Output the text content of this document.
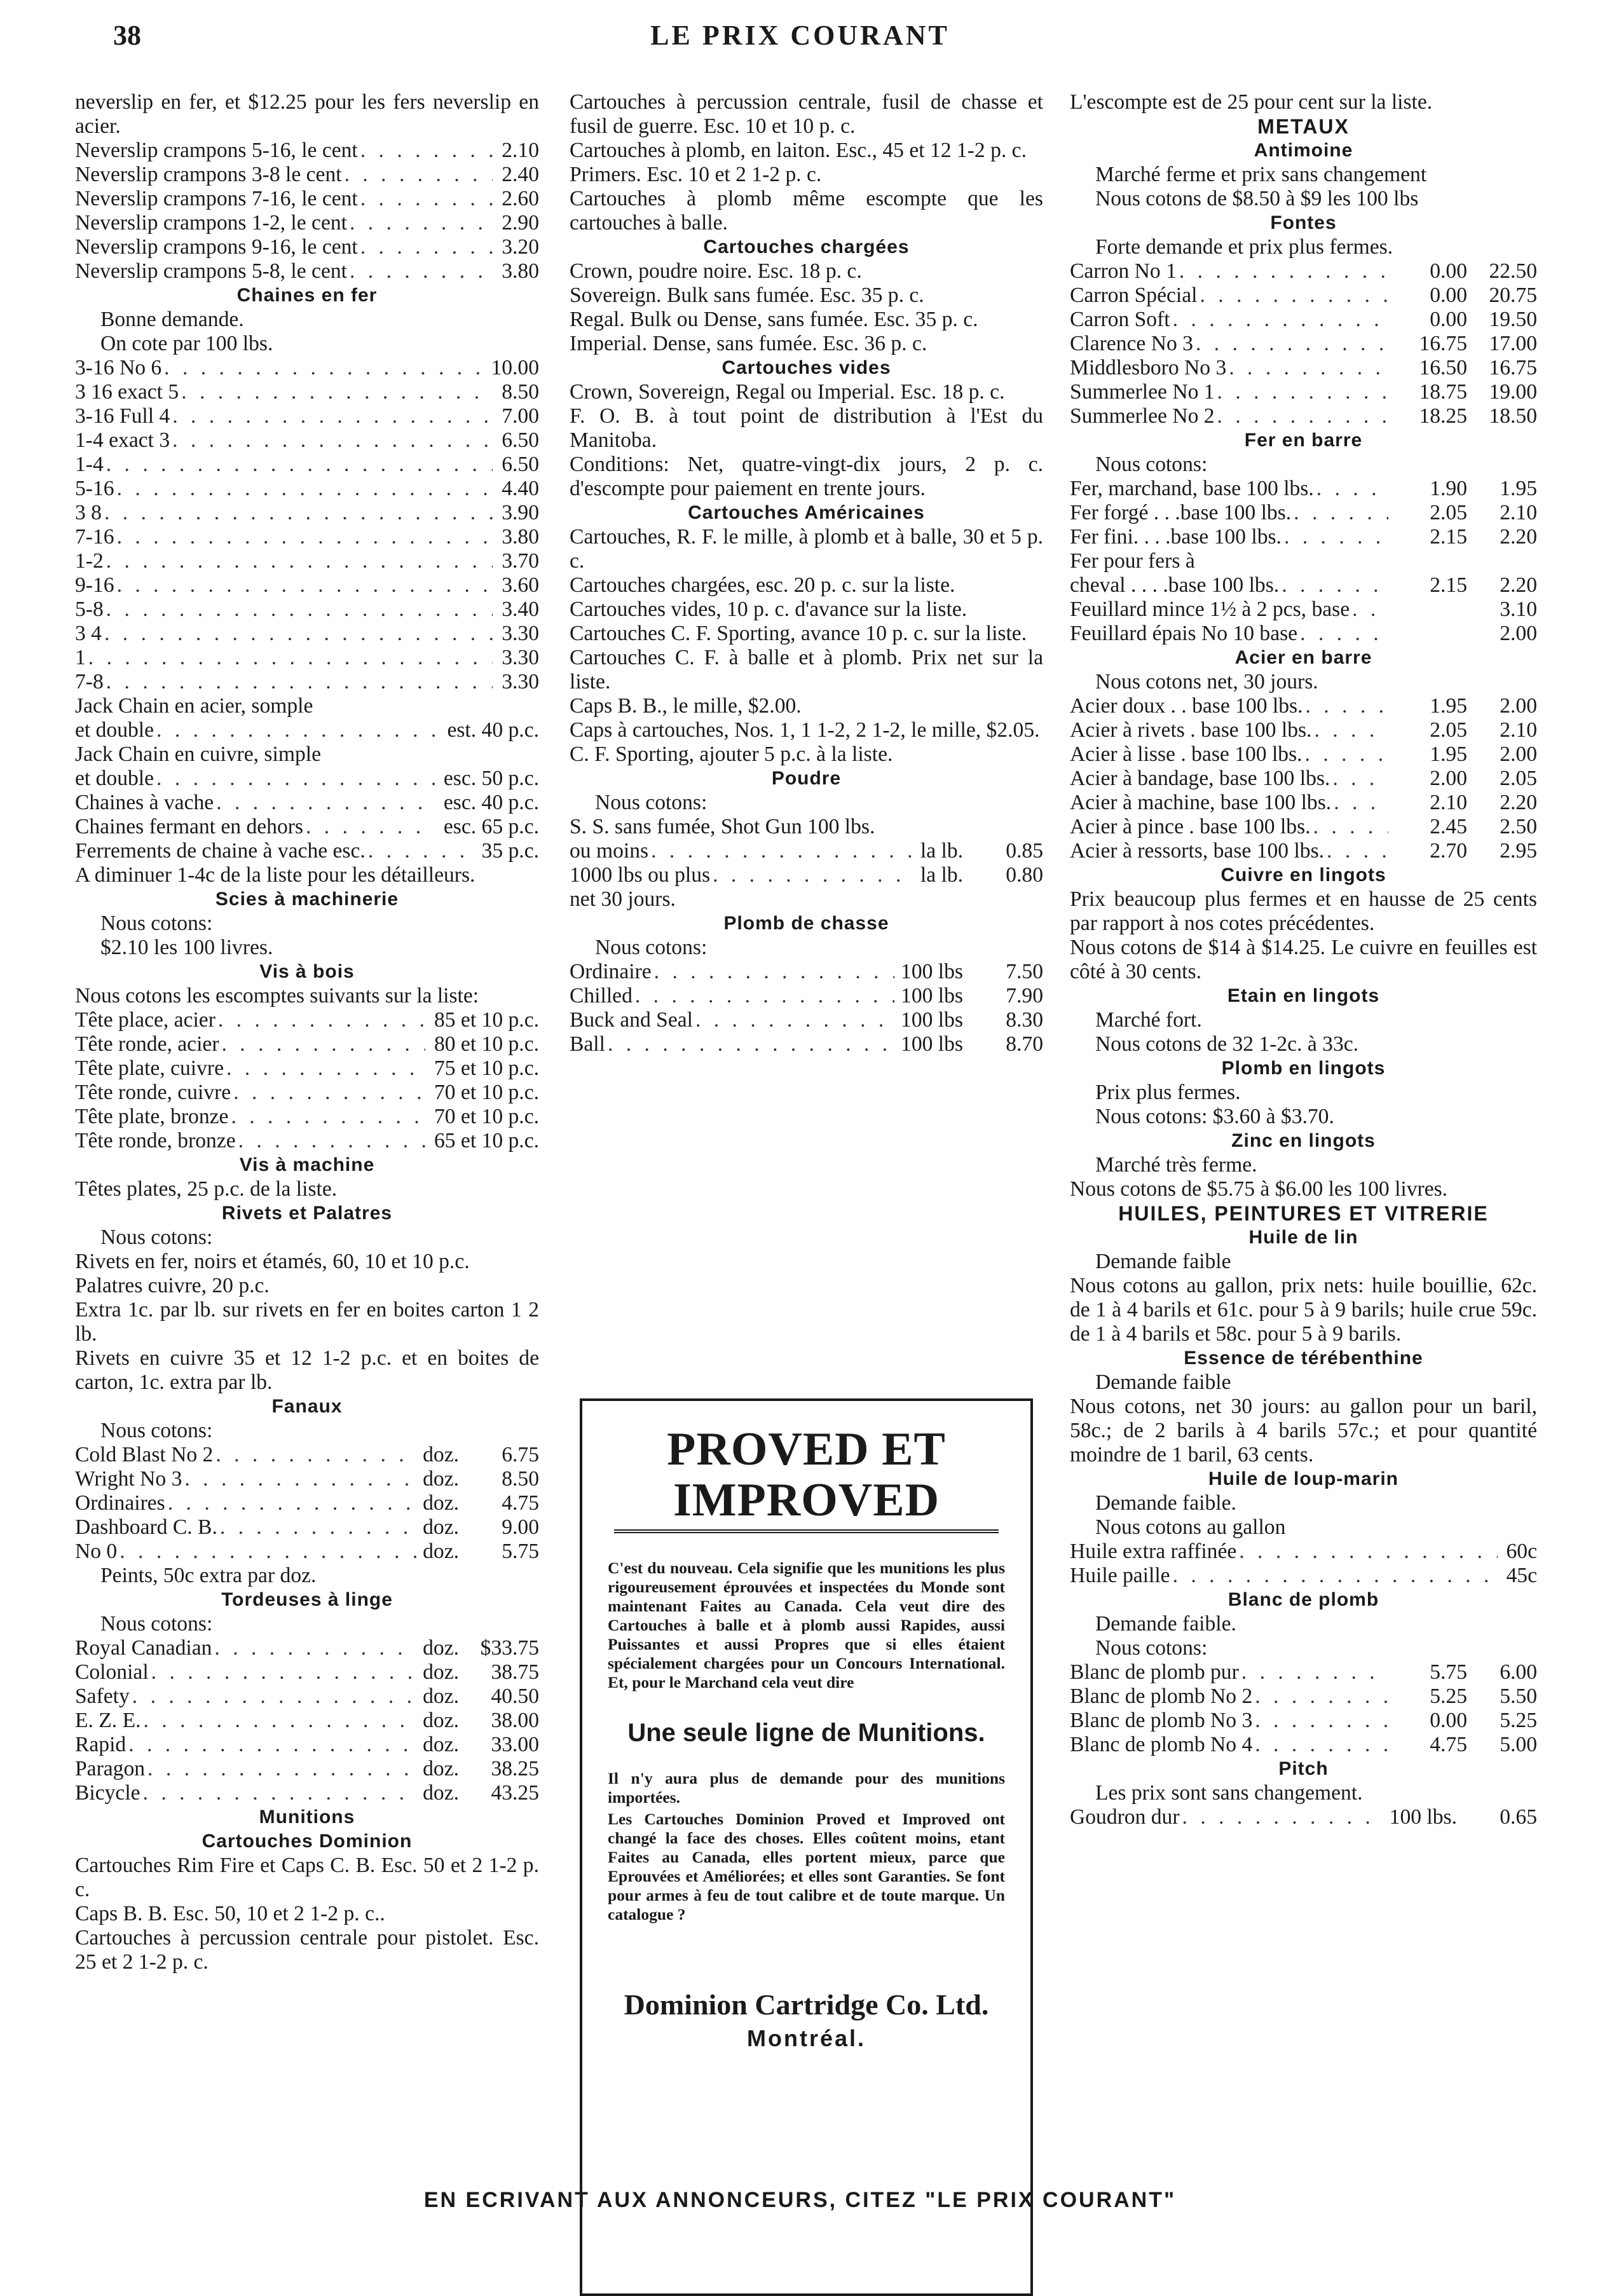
38	LE PRIX COURANT
neverslip en fer, et $12.25 pour les fers neverslip en acier.
Neverslip crampons 5-16, le cent . . .	2.10
Neverslip crampons 3-8 le cent . . .	2.40
Neverslip crampons 7-16, le cent . . .	2.60
Neverslip crampons 1-2, le cent . . .	2.90
Neverslip crampons 9-16, le cent . . .	3.20
Neverslip crampons 5-8, le cent . . .	3.80
Chaines en fer
Bonne demande.
On cote par 100 lbs.
3-16 No 6 . . .	10.00
3 16 exact 5 . . .	8.50
3-16 Full 4 . . .	7.00
1-4 exact 3 . . .	6.50
1-4 . . .	6.50
5-16 . . .	4.40
3 8 . . .	3.90
7-16 . . .	3.80
1-2 . . .	3.70
9-16 . . .	3.60
5-8 . . .	3.40
3 4 . . .	3.30
1 . . .	3.30
7-8 . . .	3.30
Jack Chain en acier, somple
et double . . .	est. 40 p.c.
Jack Chain en cuivre, simple
et double . . .	esc. 50 p.c.
Chaines à vache . . .	esc. 40 p.c.
Chaines fermant en dehors . . .	esc. 65 p.c.
Ferrements de chaine à vache esc. . . .	35 p.c.
A diminuer 1-4c de la liste pour les détailleurs.
Scies à machinerie
Nous cotons:
$2.10 les 100 livres.
Vis à bois
Nous cotons les escomptes suivants sur la liste:
Tête place, acier . . .	85 et 10 p.c.
Tête ronde, acier . . .	80 et 10 p.c.
Tête plate, cuivre . . .	75 et 10 p.c.
Tête ronde, cuivre . . .	70 et 10 p.c.
Tête plate, bronze . . .	70 et 10 p.c.
Tête ronde, bronze . . .	65 et 10 p.c.
Vis à machine
Têtes plates, 25 p.c. de la liste.
Rivets et Palatres
Nous cotons:
Rivets en fer, noirs et étamés, 60, 10 et 10 p.c.
Palatres cuivre, 20 p.c.
Extra 1c. par lb. sur rivets en fer en boites carton 1 2 lb.
Rivets en cuivre 35 et 12 1-2 p.c. et en boites de carton, 1c. extra par lb.
Fanaux
Nous cotons:
Cold Blast No 2 . . .	doz.	6.75
Wright No 3 . . .	doz.	8.50
Ordinaires . . .	doz.	4.75
Dashboard C. B. . . .	doz.	9.00
No 0 . . .	doz.	5.75
Peints, 50c extra par doz.
Tordeuses à linge
Nous cotons:
Royal Canadian . . .	doz.	$33.75
Colonial . . .	doz.	38.75
Safety . . .	doz.	40.50
E. Z. E. . . .	doz.	38.00
Rapid . . .	doz.	33.00
Paragon . . .	doz.	38.25
Bicycle . . .	doz.	43.25
Munitions
Cartouches Dominion
Cartouches Rim Fire et Caps C. B. Esc. 50 et 2 1-2 p. c.
Caps B. B. Esc. 50, 10 et 2 1-2 p. c..
Cartouches à percussion centrale pour pistolet. Esc. 25 et 2 1-2 p. c.
Cartouches à percussion centrale, fusil de chasse et fusil de guerre. Esc. 10 et 10 p. c.
Cartouches à plomb, en laiton. Esc., 45 et 12 1-2 p. c.
Primers. Esc. 10 et 2 1-2 p. c.
Cartouches à plomb même escompte que les cartouches à balle.
Cartouches chargées
Crown, poudre noire. Esc. 18 p. c.
Sovereign. Bulk sans fumée. Esc. 35 p. c.
Regal. Bulk ou Dense, sans fumée. Esc. 35 p. c.
Imperial. Dense, sans fumée. Esc. 36 p. c.
Cartouches vides
Crown, Sovereign, Regal ou Imperial. Esc. 18 p. c.
F. O. B. à tout point de distribution à l'Est du Manitoba.
Conditions: Net, quatre-vingt-dix jours, 2 p. c. d'escompte pour paiement en trente jours.
Cartouches Américaines
Cartouches, R. F. le mille, à plomb et à balle, 30 et 5 p. c.
Cartouches chargées, esc. 20 p. c. sur la liste.
Cartouches vides, 10 p. c. d'avance sur la liste.
Cartouches C. F. Sporting, avance 10 p. c. sur la liste.
Cartouches C. F. à balle et à plomb. Prix net sur la liste.
Caps B. B., le mille, $2.00.
Caps à cartouches, Nos. 1, 1 1-2, 2 1-2, le mille, $2.05.
C. F. Sporting, ajouter 5 p.c. à la liste.
Poudre
Nous cotons:
S. S. sans fumée, Shot Gun 100 lbs.
ou moins . . .	la lb.	0.85
1000 lbs ou plus . . .	la lb.	0.80
net 30 jours.
Plomb de chasse
Nous cotons:
Ordinaire . . .	100 lbs	7.50
Chilled . . .	100 lbs	7.90
Buck and Seal . . .	100 lbs	8.30
Ball . . .	100 lbs	8.70
L'escompte est de 25 pour cent sur la liste.
METAUX
Antimoine
Marché ferme et prix sans changement
Nous cotons de $8.50 à $9 les 100 lbs
Fontes
Forte demande et prix plus fermes.
Carron No 1 . . .	0.00	22.50
Carron Spécial . . .	0.00	20.75
Carron Soft . . .	0.00	19.50
Clarence No 3 . . .	16.75	17.00
Middlesboro No 3 . . .	16.50	16.75
Summerlee No 1 . . .	18.75	19.00
Summerlee No 2 . . .	18.25	18.50
Fer en barre
Nous cotons:
Fer, marchand, base 100 lbs. . . .	1.90	1.95
Fer forgé . . .base 100 lbs. . . .	2.05	2.10
Fer fini. . . .base 100 lbs. . . .	2.15	2.20
Fer pour fers à
cheval . . . .base 100 lbs. . . .	2.15	2.20
Feuillard mince 1½ à 2 pcs, base . . .	3.10
Feuillard épais No 10 base . . .	2.00
Acier en barre
Nous cotons net, 30 jours.
Acier doux . . base 100 lbs. . . .	1.95	2.00
Acier à rivets . base 100 lbs. . . .	2.05	2.10
Acier à lisse . base 100 lbs. . . .	1.95	2.00
Acier à bandage, base 100 lbs. . . .	2.00	2.05
Acier à machine, base 100 lbs. . . .	2.10	2.20
Acier à pince . base 100 lbs. . . .	2.45	2.50
Acier à ressorts, base 100 lbs. . . .	2.70	2.95
Cuivre en lingots
Prix beaucoup plus fermes et en hausse de 25 cents par rapport à nos cotes précédentes.
Nous cotons de $14 à $14.25. Le cuivre en feuilles est côté à 30 cents.
Etain en lingots
Marché fort.
Nous cotons de 32 1-2c. à 33c.
Plomb en lingots
Prix plus fermes.
Nous cotons: $3.60 à $3.70.
Zinc en lingots
Marché très ferme.
Nous cotons de $5.75 à $6.00 les 100 livres.
HUILES, PEINTURES ET VITRERIE
Huile de lin
Demande faible
Nous cotons au gallon, prix nets: huile bouillie, 62c. de 1 à 4 barils et 61c. pour 5 à 9 barils; huile crue 59c. de 1 à 4 barils et 58c. pour 5 à 9 barils.
Essence de térébenthine
Demande faible
Nous cotons, net 30 jours: au gallon pour un baril, 58c.; de 2 barils à 4 barils 57c.; et pour quantité moindre de 1 baril, 63 cents.
Huile de loup-marin
Demande faible.
Nous cotons au gallon
Huile extra raffinée . . .	60c
Huile paille . . .	45c
Blanc de plomb
Demande faible.
Nous cotons:
Blanc de plomb pur . . .	5.75	6.00
Blanc de plomb No 2 . . .	5.25	5.50
Blanc de plomb No 3 . . .	0.00	5.25
Blanc de plomb No 4 . . .	4.75	5.00
Pitch
Les prix sont sans changement.
Goudron dur . . .	100 lbs.	0.65
PROVED ET IMPROVED
C'est du nouveau. Cela signifie que les munitions les plus rigoureusement éprouvées et inspectées du Monde sont maintenant Faites au Canada. Cela veut dire des Cartouches à balle et à plomb aussi Rapides, aussi Puissantes et aussi Propres que si elles étaient spécialement chargées pour un Concours International. Et, pour le Marchand cela veut dire
Une seule ligne de Munitions.
Il n'y aura plus de demande pour des munitions importées.
Les Cartouches Dominion Proved et Improved ont changé la face des choses. Elles coûtent moins, etant Faites au Canada, elles portent mieux, parce que Eprouvées et Améliorées; et elles sont Garanties. Se font pour armes à feu de tout calibre et de toute marque. Un catalogue ?
Dominion Cartridge Co. Ltd.
Montréal.
EN ECRIVANT AUX ANNONCEURS, CITEZ "LE PRIX COURANT"
